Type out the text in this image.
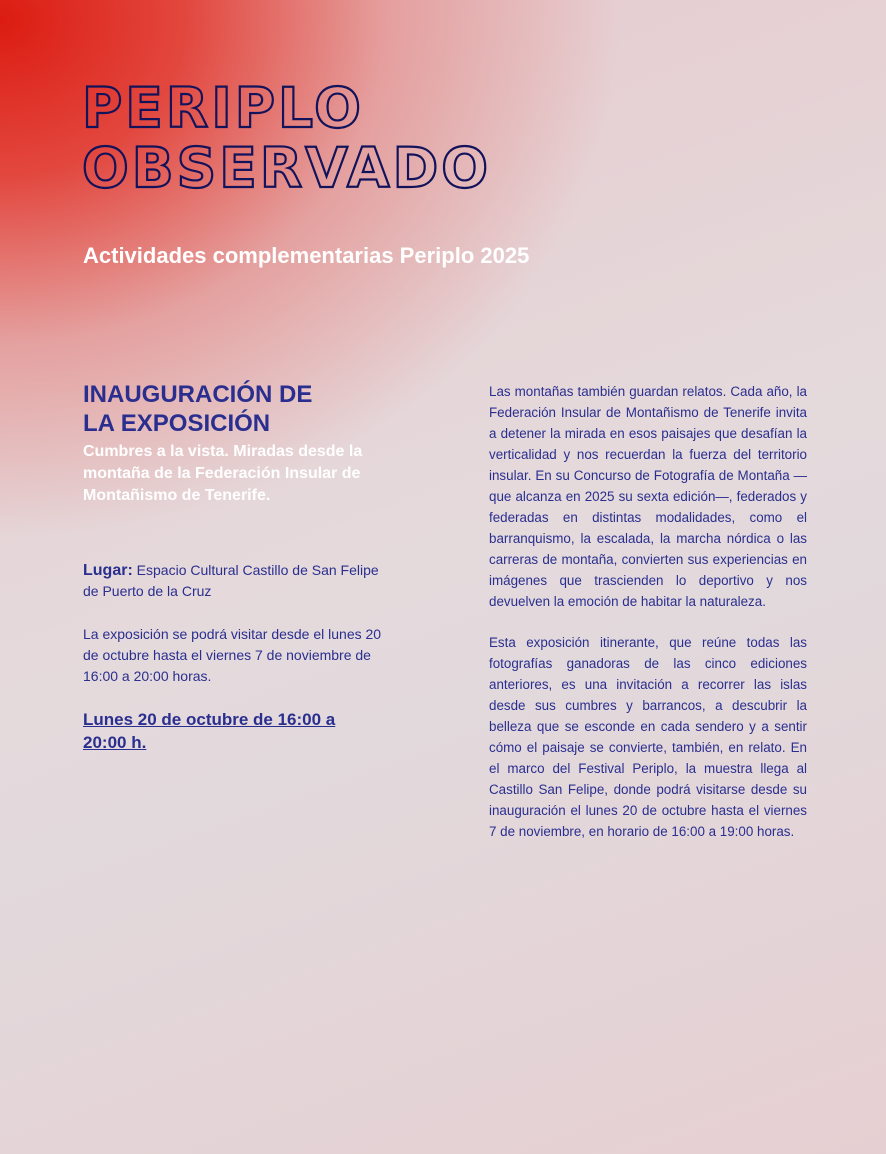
PERIPLO
OBSERVADO
Actividades complementarias Periplo 2025
INAUGURACIÓN DE
LA EXPOSICIÓN
Cumbres a la vista. Miradas desde la montaña de la Federación Insular de Montañismo de Tenerife.
Lugar: Espacio Cultural Castillo de San Felipe de Puerto de la Cruz
La exposición se podrá visitar desde el lunes 20 de octubre hasta el viernes 7 de noviembre de 16:00 a 20:00 horas.
Lunes 20 de octubre de 16:00 a 20:00 h.

Las montañas también guardan relatos. Cada año, la Federación Insular de Montañismo de Tenerife invita a detener la mirada en esos paisajes que desafían la verticalidad y nos recuerdan la fuerza del territorio insular. En su Concurso de Fotografía de Montaña —que alcanza en 2025 su sexta edición—, federados y federadas en distintas modalidades, como el barranquismo, la escalada, la marcha nórdica o las carreras de montaña, convierten sus experiencias en imágenes que trascienden lo deportivo y nos devuelven la emoción de habitar la naturaleza.

Esta exposición itinerante, que reúne todas las fotografías ganadoras de las cinco ediciones anteriores, es una invitación a recorrer las islas desde sus cumbres y barrancos, a descubrir la belleza que se esconde en cada sendero y a sentir cómo el paisaje se convierte, también, en relato. En el marco del Festival Periplo, la muestra llega al Castillo San Felipe, donde podrá visitarse desde su inauguración el lunes 20 de octubre hasta el viernes 7 de noviembre, en horario de 16:00 a 19:00 horas.
